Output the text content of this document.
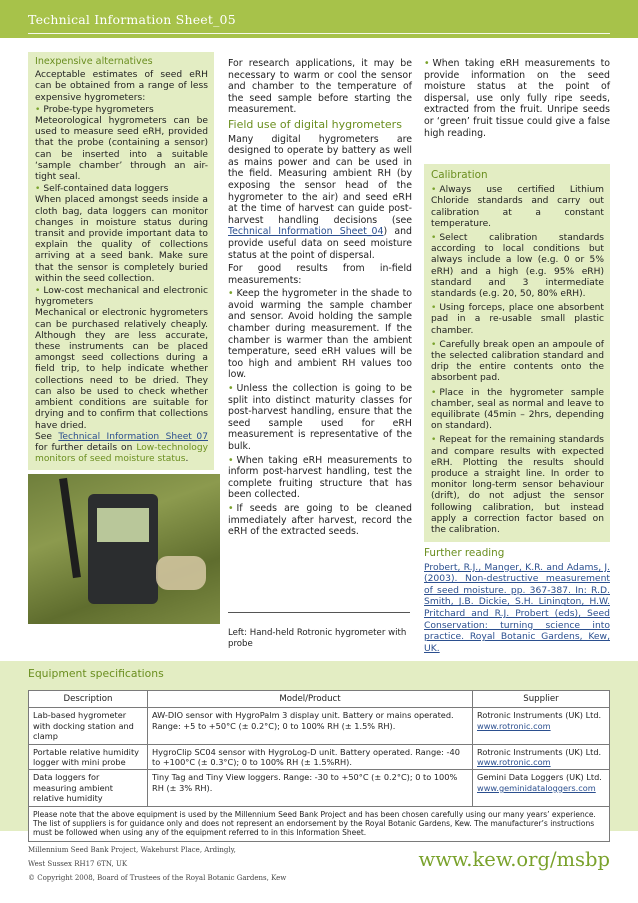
Technical Information Sheet_05
Inexpensive alternatives

Acceptable estimates of seed eRH can be obtained from a range of less expensive hygrometers:

• Probe-type hygrometers

Meteorological hygrometers can be used to measure seed eRH, provided that the probe (containing a sensor) can be inserted into a suitable ‘sample chamber’ through an air-tight seal.

• Self-contained data loggers

When placed amongst seeds inside a cloth bag, data loggers can monitor changes in moisture status during transit and provide important data to explain the quality of collections arriving at a seed bank. Make sure that the sensor is completely buried within the seed collection.

• Low-cost mechanical and electronic hygrometers

Mechanical or electronic hygrometers can be purchased relatively cheaply. Although they are less accurate, these instruments can be placed amongst seed collections during a field trip, to help indicate whether collections need to be dried. They can also be used to check whether ambient conditions are suitable for drying and to confirm that collections have dried.

See Technical Information Sheet_07 for further details on Low-technology monitors of seed moisture status.

For research applications, it may be necessary to warm or cool the sensor and chamber to the temperature of the seed sample before starting the measurement.

Field use of digital hygrometers

Many digital hygrometers are designed to operate by battery as well as mains power and can be used in the field. Measuring ambient RH (by exposing the sensor head of the hygrometer to the air) and seed eRH at the time of harvest can guide post-harvest handling decisions (see Technical Information Sheet_04) and provide useful data on seed moisture status at the point of dispersal.

For good results from in-field measurements:

• Keep the hygrometer in the shade to avoid warming the sample chamber and sensor. Avoid holding the sample chamber during measurement. If the chamber is warmer than the ambient temperature, seed eRH values will be too high and ambient RH values too low.

• Unless the collection is going to be split into distinct maturity classes for post-harvest handling, ensure that the seed sample used for eRH measurement is representative of the bulk.

• When taking eRH measurements to inform post-harvest handling, test the complete fruiting structure that has been collected.

• If seeds are going to be cleaned immediately after harvest, record the eRH of the extracted seeds.

Left: Hand-held Rotronic hygrometer with probe

• When taking eRH measurements to provide information on the seed moisture status at the point of dispersal, use only fully ripe seeds, extracted from the fruit. Unripe seeds or ‘green’ fruit tissue could give a false high reading.

Calibration

• Always use certified Lithium Chloride standards and carry out calibration at a constant temperature.

• Select calibration standards according to local conditions but always include a low (e.g. 0 or 5% eRH) and a high (e.g. 95% eRH) standard and 3 intermediate standards (e.g. 20, 50, 80% eRH).

• Using forceps, place one absorbent pad in a re-usable small plastic chamber.

• Carefully break open an ampoule of the selected calibration standard and drip the entire contents onto the absorbent pad.

• Place in the hygrometer sample chamber, seal as normal and leave to equilibrate (45min – 2hrs, depending on standard).

• Repeat for the remaining standards and compare results with expected eRH. Plotting the results should produce a straight line. In order to monitor long-term sensor behaviour (drift), do not adjust the sensor following calibration, but instead apply a correction factor based on the calibration.

Further reading

Probert, R.J., Manger, K.R. and Adams, J. (2003). Non-destructive measurement of seed moisture. pp. 367-387. In: R.D. Smith, J.B. Dickie, S.H. Linington, H.W. Pritchard and R.J. Probert (eds), Seed Conservation: turning science into practice. Royal Botanic Gardens, Kew, UK.

Equipment specifications
Description	Model/Product	Supplier
Lab-based hygrometer with docking station and clamp	AW-DIO sensor with HygroPalm 3 display unit. Battery or mains operated. Range: +5 to +50°C (± 0.2°C); 0 to 100% RH (± 1.5% RH).	Rotronic Instruments (UK) Ltd.
www.rotronic.com
Portable relative humidity logger with mini probe	HygroClip SC04 sensor with HygroLog-D unit. Battery operated. Range: -40 to +100°C (± 0.3°C); 0 to 100% RH (± 1.5%RH).	Rotronic Instruments (UK) Ltd.
www.rotronic.com
Data loggers for measuring ambient relative humidity	Tiny Tag and Tiny View loggers. Range: -30 to +50°C (± 0.2°C); 0 to 100% RH (± 3% RH).	Gemini Data Loggers (UK) Ltd.
www.geminidataloggers.com
Please note that the above equipment is used by the Millennium Seed Bank Project and has been chosen carefully using our many years’ experience. The list of suppliers is for guidance only and does not represent an endorsement by the Royal Botanic Gardens, Kew. The manufacturer’s instructions must be followed when using any of the equipment referred to in this Information Sheet.		
Millennium Seed Bank Project, Wakehurst Place, Ardingly,
West Sussex RH17 6TN, UK
© Copyright 2008, Board of Trustees of the Royal Botanic Gardens, Kew
www.kew.org/msbp
